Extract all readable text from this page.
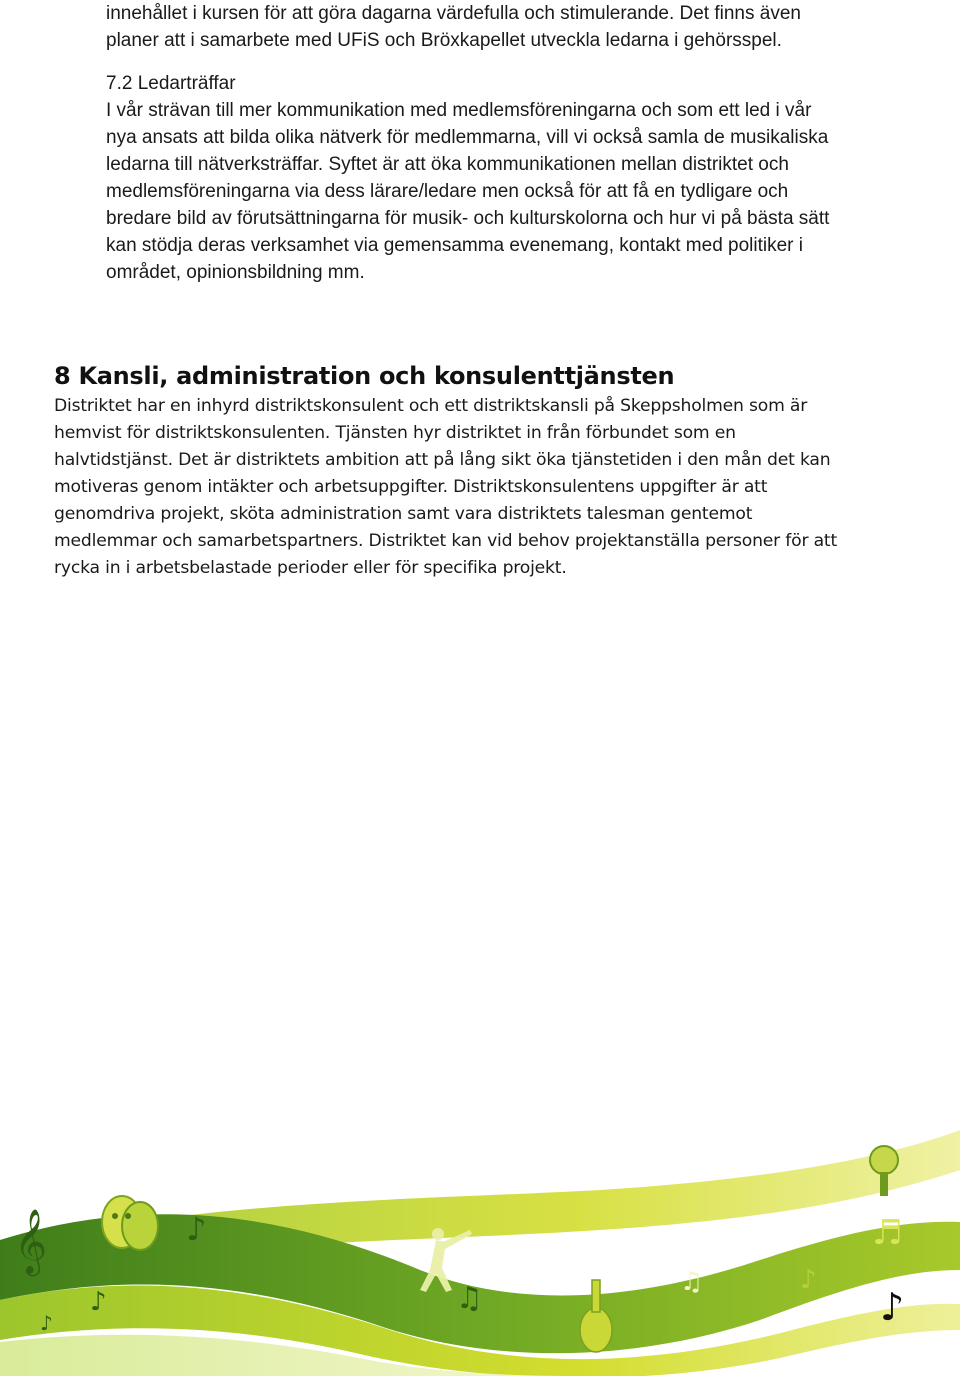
innehållet i kursen för att göra dagarna värdefulla och stimulerande. Det finns även
planer att i samarbete med UFiS och Bröxkapellet utveckla ledarna i gehörsspel.

7.2 Ledarträffar

I vår strävan till mer kommunikation med medlemsföreningarna och som ett led i vår
nya ansats att bilda olika nätverk för medlemmarna, vill vi också samla de musikaliska
ledarna till nätverksträffar. Syftet är att öka kommunikationen mellan distriktet och
medlemsföreningarna via dess lärare/ledare men också för att få en tydligare och
bredare bild av förutsättningarna för musik- och kulturskolorna och hur vi på bästa sätt
kan stödja deras verksamhet via gemensamma evenemang, kontakt med politiker i
området, opinionsbildning mm.

8 Kansli, administration och konsulenttjänsten

Distriktet har en inhyrd distriktskonsulent och ett distriktskansli på Skeppsholmen som är
hemvist för distriktskonsulenten. Tjänsten hyr distriktet in från förbundet som en
halvtidstjänst. Det är distriktets ambition att på lång sikt öka tjänstetiden i den mån det kan
motiveras genom intäkter och arbetsuppgifter. Distriktskonsulentens uppgifter är att
genomdriva projekt, sköta administration samt vara distriktets talesman gentemot
medlemmar och samarbetspartners. Distriktet kan vid behov projektanställa personer för att
rycka in i arbetsbelastade perioder eller för specifika projekt.

𝄞	♪
♪	♫	♫
♬
♪
♪
♪
